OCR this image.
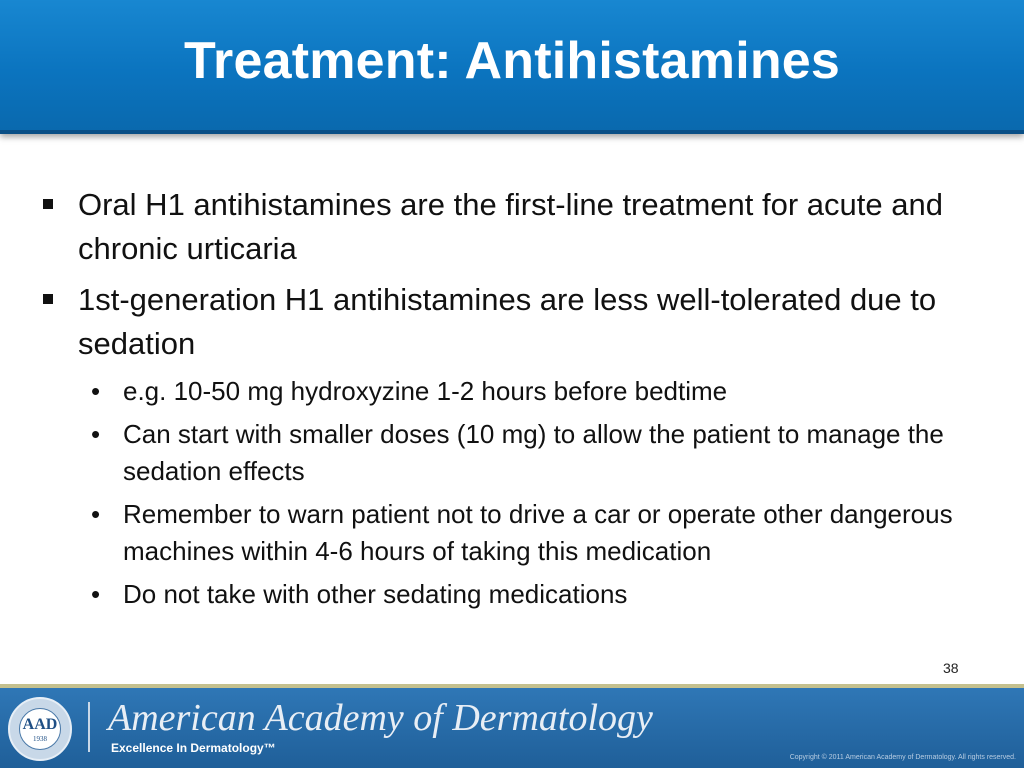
Treatment: Antihistamines
Oral H1 antihistamines are the first-line treatment for acute and chronic urticaria
1st-generation H1 antihistamines are less well-tolerated due to sedation
• e.g. 10-50 mg hydroxyzine 1-2 hours before bedtime
• Can start with smaller doses (10 mg) to allow the patient to manage the sedation effects
• Remember to warn patient not to drive a car or operate other dangerous machines within 4-6 hours of taking this medication
• Do not take with other sedating medications
38
AAD
1938	American Academy of Dermatology
Excellence In Dermatology™
Copyright © 2011 American Academy of Dermatology. All rights reserved.
